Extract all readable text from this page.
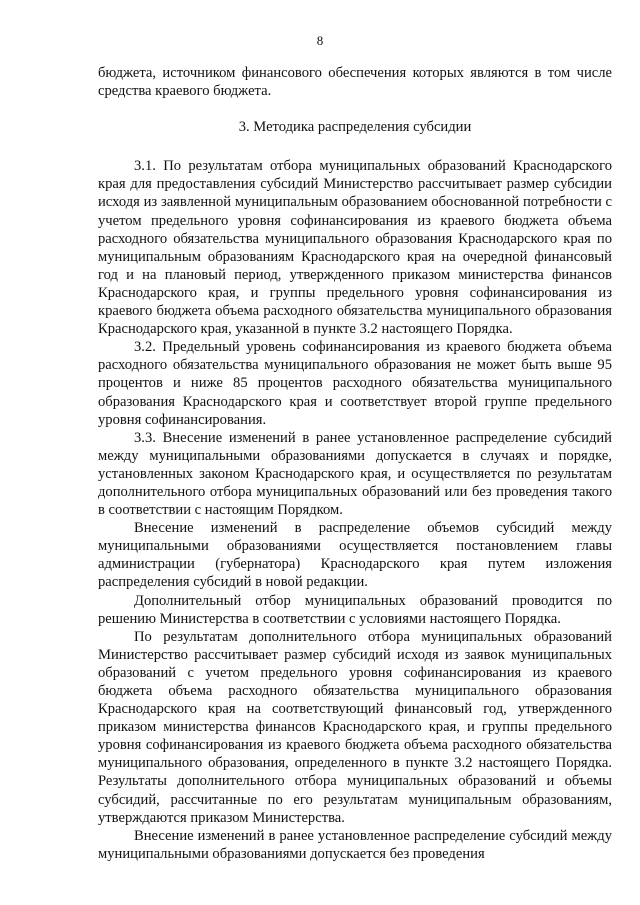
8

бюджета, источником финансового обеспечения которых являются в том числе средства краевого бюджета.

3. Методика распределения субсидии

3.1. По результатам отбора муниципальных образований Краснодарского края для предоставления субсидий Министерство рассчитывает размер субсидии исходя из заявленной муниципальным образованием обоснованной потребности с учетом предельного уровня софинансирования из краевого бюджета объема расходного обязательства муниципального образования Краснодарского края по муниципальным образованиям Краснодарского края на очередной финансовый год и на плановый период, утвержденного приказом министерства финансов Краснодарского края, и группы предельного уровня софинансирования из краевого бюджета объема расходного обязательства муниципального образования Краснодарского края, указанной в пункте 3.2 настоящего Порядка.

3.2. Предельный уровень софинансирования из краевого бюджета объема расходного обязательства муниципального образования не может быть выше 95 процентов и ниже 85 процентов расходного обязательства муниципального образования Краснодарского края и соответствует второй группе предельного уровня софинансирования.

3.3. Внесение изменений в ранее установленное распределение субсидий между муниципальными образованиями допускается в случаях и порядке, установленных законом Краснодарского края, и осуществляется по результатам дополнительного отбора муниципальных образований или без проведения такого в соответствии с настоящим Порядком.

Внесение изменений в распределение объемов субсидий между муниципальными образованиями осуществляется постановлением главы администрации (губернатора) Краснодарского края путем изложения распределения субсидий в новой редакции.

Дополнительный отбор муниципальных образований проводится по решению Министерства в соответствии с условиями настоящего Порядка.

По результатам дополнительного отбора муниципальных образований Министерство рассчитывает размер субсидий исходя из заявок муниципальных образований с учетом предельного уровня софинансирования из краевого бюджета объема расходного обязательства муниципального образования Краснодарского края на соответствующий финансовый год, утвержденного приказом министерства финансов Краснодарского края, и группы предельного уровня софинансирования из краевого бюджета объема расходного обязательства муниципального образования, определенного в пункте 3.2 настоящего Порядка. Результаты дополнительного отбора муниципальных образований и объемы субсидий, рассчитанные по его результатам муниципальным образованиям, утверждаются приказом Министерства.

Внесение изменений в ранее установленное распределение субсидий между муниципальными образованиями допускается без проведения
